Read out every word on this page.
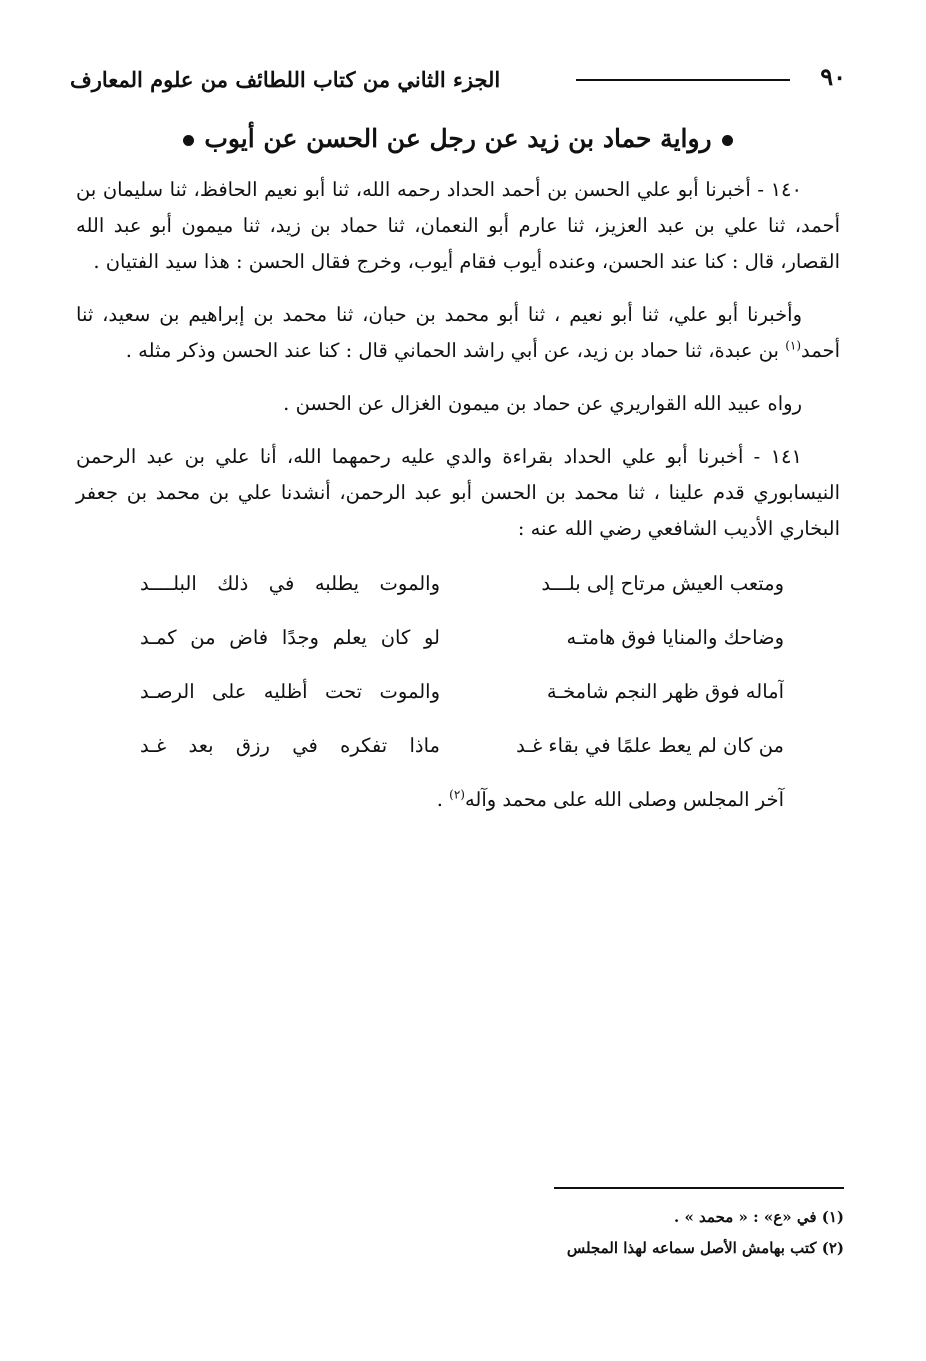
٩٠
الجزء الثاني من كتاب اللطائف من علوم المعارف
رواية حماد بن زيد عن رجل عن الحسن عن أيوب

١٤٠ - أخبرنا أبو علي الحسن بن أحمد الحداد رحمه الله، ثنا أبو نعيم الحافظ، ثنا سليمان بن أحمد، ثنا علي بن عبد العزيز، ثنا عارم أبو النعمان، ثنا حماد بن زيد، ثنا ميمون أبو عبد الله القصار، قال : كنا عند الحسن، وعنده أيوب فقام أيوب، وخرج فقال الحسن : هذا سيد الفتيان .

وأخبرنا أبو علي، ثنا أبو نعيم ، ثنا أبو محمد بن حبان، ثنا محمد بن إبراهيم بن سعيد، ثنا أحمد$^{(١)}$ بن عبدة، ثنا حماد بن زيد، عن أبي راشد الحماني قال : كنا عند الحسن وذكر مثله .

رواه عبيد الله القواريري عن حماد بن ميمون الغزال عن الحسن .

١٤١ - أخبرنا أبو علي الحداد بقراءة والدي عليه رحمهما الله، أنا علي بن عبد الرحمن النيسابوري قدم علينا ، ثنا محمد بن الحسن أبو عبد الرحمن، أنشدنا علي بن محمد بن جعفر البخاري الأديب الشافعي رضي الله عنه :

ومتعب العيش مرتاح إلى بلـــد
والموت يطلبه في ذلك البلــــد
وضاحك والمنايا فوق هامتـه
لو كان يعلم وجدًا فاض من كمـد
آماله فوق ظهر النجم شامخـة
والموت تحت أظليه على الرصـد
من كان لم يعط علمًا في بقاء غـد
ماذا تفكره في رزق بعد غـد
آخر المجلس وصلى الله على محمد وآله$^{(٢)}$ .
(١) في «ع» : « محمد » .
(٢) كتب بهامش الأصل سماعه لهذا المجلس
